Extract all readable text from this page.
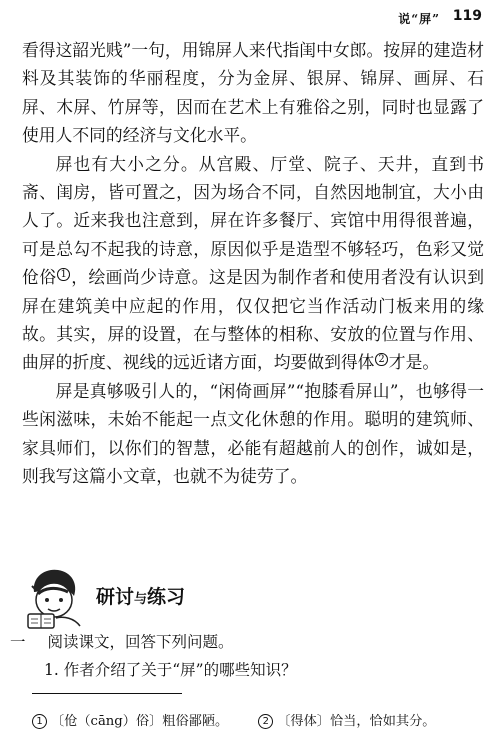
说“屏” 119

看得这韶光贱”一句，用锦屏人来代指闺中女郎。按屏的建造材料及其装饰的华丽程度，分为金屏、银屏、锦屏、画屏、石屏、木屏、竹屏等，因而在艺术上有雅俗之别，同时也显露了使用人不同的经济与文化水平。

屏也有大小之分。从宫殿、厅堂、院子、天井，直到书斋、闺房，皆可置之，因为场合不同，自然因地制宜，大小由人了。近来我也注意到，屏在许多餐厅、宾馆中用得很普遍，可是总勾不起我的诗意，原因似乎是造型不够轻巧，色彩又觉伧俗 $^1$ ，绘画尚少诗意。这是因为制作者和使用者没有认识到屏在建筑美中应起的作用，仅仅把它当作活动门板来用的缘故。其实，屏的设置，在与整体的相称、安放的位置与作用、曲屏的折度、视线的远近诸方面，均要做到得体 $^2$ 才是。

屏是真够吸引人的，“闲倚画屏”“抱膝看屏山”，也够得一些闲滋味，未始不能起一点文化休憩的作用。聪明的建筑师、家具师们，以你们的智慧，必能有超越前人的创作，诚如是，则我写这篇小文章，也就不为徒劳了。

研讨与练习
一 阅读课文，回答下列问题。
1. 作者介绍了关于“屏”的哪些知识？
1 〔伧（cāng）俗〕粗俗鄙陋。	2 〔得体〕恰当，恰如其分。
